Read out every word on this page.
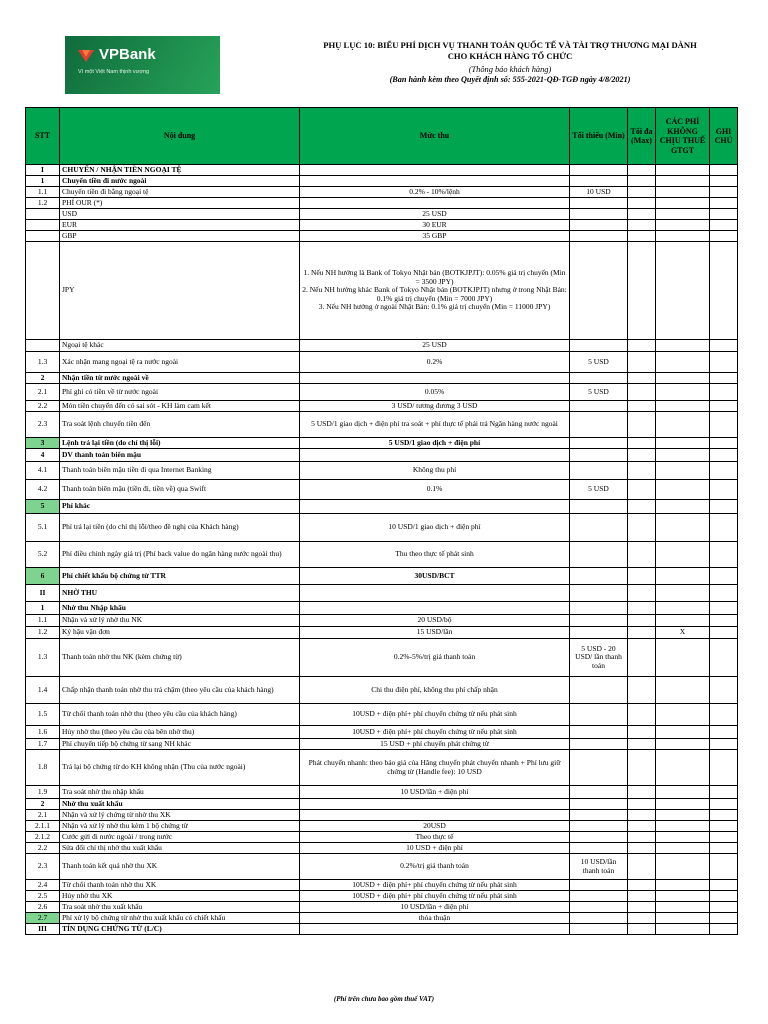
VPBank
Vì một Việt Nam thịnh vượng
PHỤ LỤC 10: BIỂU PHÍ DỊCH VỤ THANH TOÁN QUỐC TẾ VÀ TÀI TRỢ THƯƠNG MẠI DÀNH
CHO KHÁCH HÀNG TỔ CHỨC
(Thông báo khách hàng)
(Ban hành kèm theo Quyết định số: 555-2021-QĐ-TGĐ ngày 4/8/2021)
STT	Nội dung	Mức thu	Tối thiểu (Min)	Tối đa (Max)	CÁC PHÍ KHÔNG CHỊU THUẾ GTGT	GHI CHÚ
I	CHUYỂN / NHẬN TIỀN NGOẠI TỆ					
1	Chuyển tiền đi nước ngoài					
1.1	Chuyển tiền đi bằng ngoại tệ	0.2% - 10%/lệnh	10 USD			
1.2	PHÍ OUR (*)					
	USD	25 USD				
	EUR	30 EUR				
	GBP	35 GBP				
	JPY	1. Nếu NH hưởng là Bank of Tokyo Nhật bản (BOTKJPJT): 0.05% giá trị chuyển (Min = 3500 JPY)
2. Nếu NH hưởng khác Bank of Tokyo Nhật bản (BOTKJPJT) nhưng ở trong Nhật Bản: 0.1% giá trị chuyển (Min = 7000 JPY)
3. Nếu NH hưởng ở ngoài Nhật Bản: 0.1% giá trị chuyển (Min = 11000 JPY)				
	Ngoại tệ khác	25 USD				
1.3	Xác nhận mang ngoại tệ ra nước ngoài	0.2%	5 USD			
2	Nhận tiền từ nước ngoài về					
2.1	Phí ghi có tiền về từ nước ngoài	0.05%	5 USD			
2.2	Món tiền chuyển đến có sai sót - KH làm cam kết	3 USD/ tương đương 3 USD				
2.3	Tra soát lệnh chuyển tiền đến	5 USD/1 giao dịch + điện phí tra soát + phí thực tế phải trả Ngân hàng nước ngoài				
3	Lệnh trả lại tiền (do chỉ thị lỗi)	5 USD/1 giao dịch + điện phí				
4	DV thanh toán biên mậu					
4.1	Thanh toán biên mậu tiền đi qua Internet Banking	Không thu phí				
4.2	Thanh toán biên mậu (tiền đi, tiền về) qua Swift	0.1%	5 USD			
5	Phí khác					
5.1	Phí trả lại tiền (do chỉ thị lỗi/theo đề nghị của Khách hàng)	10 USD/1 giao dịch + điện phí				
5.2	Phí điều chỉnh ngày giá trị (Phí back value do ngân hàng nước ngoài thu)	Thu theo thực tế phát sinh				
6	Phí chiết khấu bộ chứng từ TTR	30USD/BCT				
II	NHỜ THU					
1	Nhờ thu Nhập khẩu					
1.1	Nhận và xử lý nhờ thu NK	20 USD/bộ				
1.2	Ký hậu vận đơn	15 USD/lần			X	
1.3	Thanh toán nhờ thu NK (kèm chứng từ)	0.2%-5%/trị giá thanh toán	5 USD - 20 USD/ lần thanh toán			
1.4	Chấp nhận thanh toán nhờ thu trả chậm (theo yêu cầu của khách hàng)	Chi thu điện phí, không thu phí chấp nhận				
1.5	Từ chối thanh toán nhờ thu (theo yêu cầu của khách hàng)	10USD + điện phí+ phí chuyển chứng từ nếu phát sinh				
1.6	Hủy nhờ thu (theo yêu cầu của bên nhờ thu)	10USD + điện phí+ phí chuyển chứng từ nếu phát sinh				
1.7	Phí chuyển tiếp bộ chứng từ sang NH khác	15 USD + phí chuyển phát chứng từ				
1.8	Trả lại bộ chứng từ do KH không nhận (Thu của nước ngoài)	Phát chuyển nhanh: theo báo giá của Hãng chuyển phát chuyển nhanh + Phí lưu giữ chứng từ (Handle fee): 10 USD				
1.9	Tra soát nhờ thu nhập khẩu	10 USD/lần + điện phí				
2	Nhờ thu xuất khẩu					
2.1	Nhận và xử lý chứng từ nhờ thu XK					
2.1.1	Nhận và xử lý nhờ thu kèm 1 bộ chứng từ	20USD				
2.1.2	Cước gửi đi nước ngoài / trong nước	Theo thực tế				
2.2	Sửa đổi chỉ thị nhờ thu xuất khẩu	10 USD + điện phí				
2.3	Thanh toán kết quả nhờ thu XK	0.2%/trị giá thanh toán	10 USD/lần thanh toán			
2.4	Từ chối thanh toán nhờ thu XK	10USD + điện phí+ phí chuyển chứng từ nếu phát sinh				
2.5	Hủy nhờ thu XK	10USD + điện phí+ phí chuyển chứng từ nếu phát sinh				
2.6	Tra soát nhờ thu xuất khẩu	10 USD/lần + điện phí				
2.7	Phí xử lý bộ chứng từ nhờ thu xuất khẩu có chiết khấu	thỏa thuận				
III	TÍN DỤNG CHỨNG TỪ (L/C)					
(Phí trên chưa bao gồm thuế VAT)
